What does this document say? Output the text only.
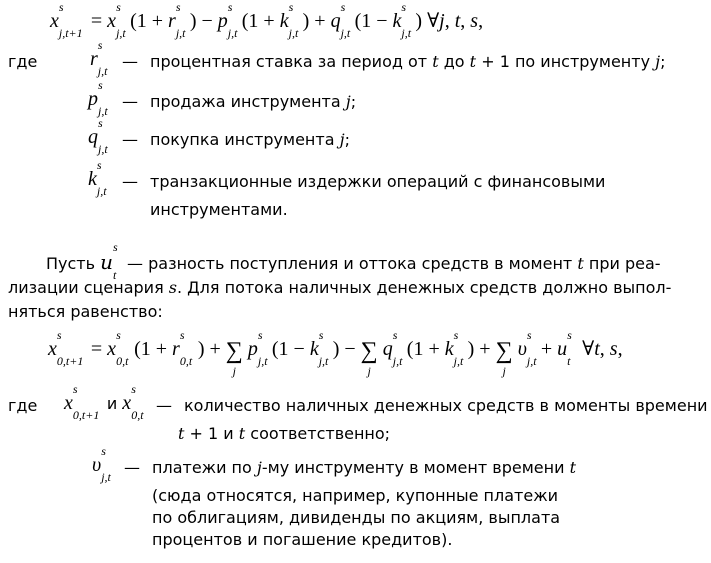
x
s
j,t+1
= x
s
j,t
(1 + r
s
j,t
) − p
s
j,t
(1 + k
s
j,t
) + q
s
j,t
(1 − k
s
j,t
) ∀j, t, s,
где	r
s
j,t — процентная ставка за период от t до t + 1 по инструменту j;
p
s
j,t — продажа инструмента j;
q
s
j,t — покупка инструмента j;
k
s
j,t — транзакционные издержки операций с финансовыми
инструментами.
Пусть u
s
t
— разность поступления и оттока средств в момент t при реа-
лизации сценария s. Для потока наличных денежных средств должно выпол-
няться равенство:
x
s
0,t+1
= x
s
0,t
(1 + r
s
0,t
) + ∑
j
p
s
j,t
(1 − k
s
j,t
) − ∑
j
q
s
j,t
(1 + k
s
j,t
) + ∑
j
υ
s
j,t
+ u
s
t
∀t, s,
где x
s
0,t+1
и x
s
0,t — количество наличных денежных средств в моменты времени
t + 1 и t соответственно;
υ
s
j,t — платежи по j-му инструменту в момент времени t
(сюда относятся, например, купонные платежи
по облигациям, дивиденды по акциям, выплата
процентов и погашение кредитов).
